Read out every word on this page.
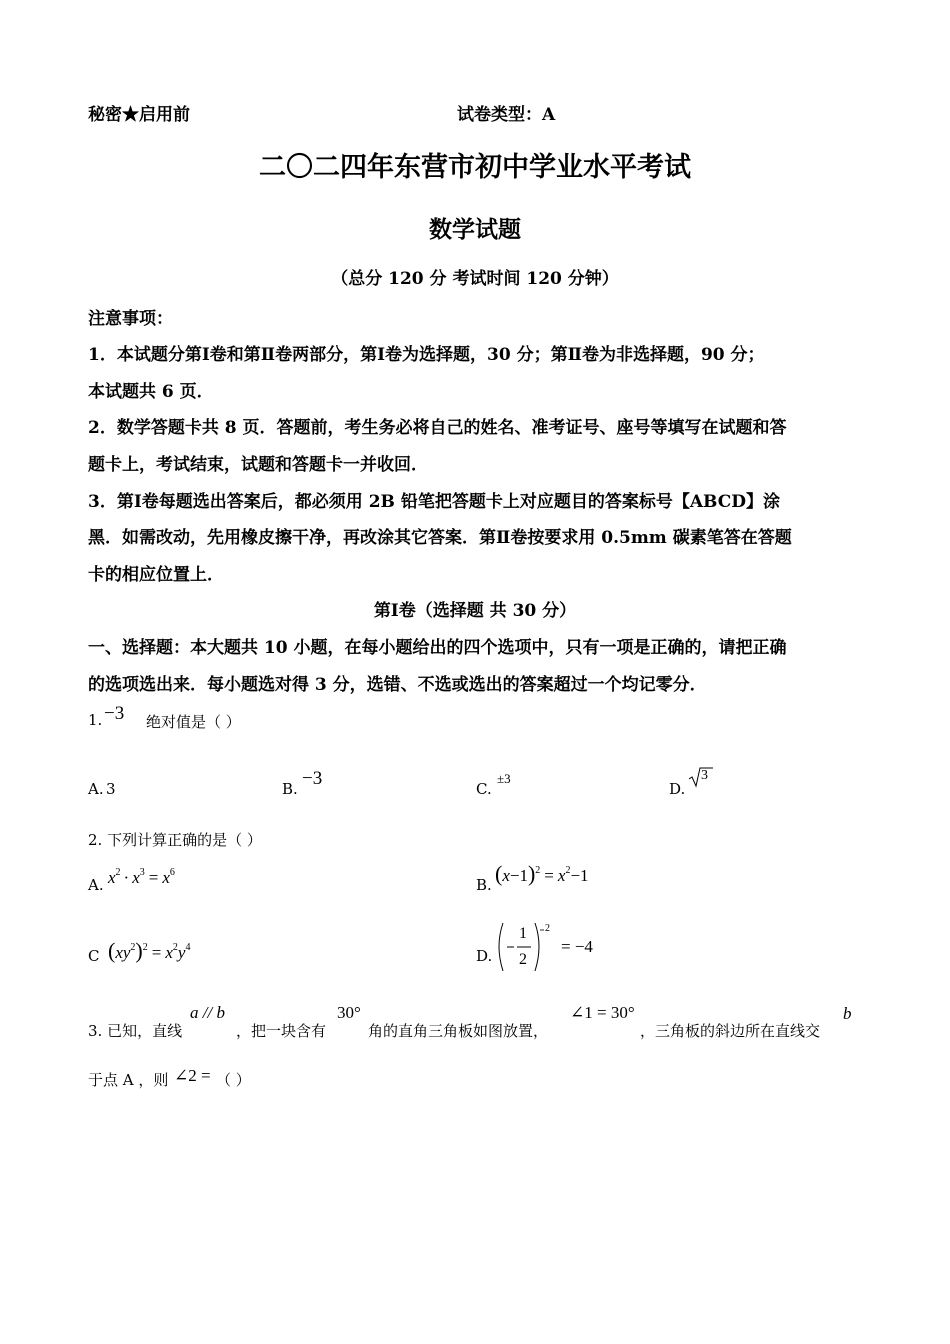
秘密★启用前	试卷类型：A
二〇二四年东营市初中学业水平考试
数学试题
（总分 120 分 考试时间 120 分钟）
注意事项：
1．本试题分第Ⅰ卷和第Ⅱ卷两部分，第Ⅰ卷为选择题，30 分；第Ⅱ卷为非选择题，90 分；
本试题共 6 页．
2．数学答题卡共 8 页．答题前，考生务必将自己的姓名、准考证号、座号等填写在试题和答
题卡上，考试结束，试题和答题卡一并收回．
3．第Ⅰ卷每题选出答案后，都必须用 2B 铅笔把答题卡上对应题目的答案标号【ABCD】涂
黑．如需改动，先用橡皮擦干净，再改涂其它答案．第Ⅱ卷按要求用 0.5mm 碳素笔答在答题
卡的相应位置上．
第Ⅰ卷（选择题 共 30 分）
一、选择题：本大题共 10 小题，在每小题给出的四个选项中，只有一项是正确的，请把正确
的选项选出来．每小题选对得 3 分，选错、不选或选出的答案超过一个均记零分．
1. −3 绝对值是（ ）
A. 3	B. −3	C.
±3
D.
3
2. 下列计算正确的是（ ）
A. $x^2 \cdot x^3 = x^6$
B. $(x-1)^2 = x^2-1$
C $(xy^2)^2 = x^2y^4$	D.
1
2
2
= −4
3. 已知，直线
a // b
，把一块含有
30°
角的直角三角板如图放置，
∠1 = 30°
，三角板的斜边所在直线交
b
于点 A ，则 ∠2 = （ ）
